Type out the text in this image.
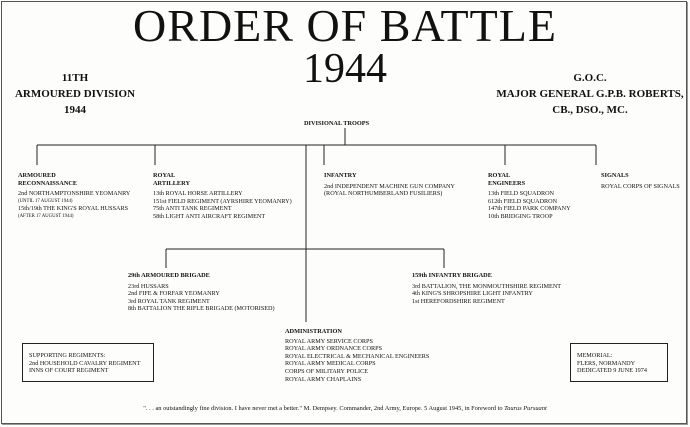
ORDER OF BATTLE
1944
11TH
ARMOURED DIVISION
1944
G.O.C.
MAJOR GENERAL G.P.B. ROBERTS,
CB., DSO., MC.
DIVISIONAL TROOPS
ARMOURED
RECONNAISSANCE
2nd NORTHAMPTONSHIRE YEOMANRY
(UNTIL 17 AUGUST 1944)
15th/19th THE KING'S ROYAL HUSSARS
(AFTER 17 AUGUST 1944)
ROYAL
ARTILLERY
13th ROYAL HORSE ARTILLERY
151st FIELD REGIMENT (AYRSHIRE YEOMANRY)
75th ANTI TANK REGIMENT
58th LIGHT ANTI AIRCRAFT REGIMENT
INFANTRY
2nd INDEPENDENT MACHINE GUN COMPANY
(ROYAL NORTHUMBERLAND FUSILIERS)
ROYAL
ENGINEERS
13th FIELD SQUADRON
612th FIELD SQUADRON
147th FIELD PARK COMPANY
10th BRIDGING TROOP
SIGNALS
ROYAL CORPS OF SIGNALS
29th ARMOURED BRIGADE
23rd HUSSARS
2nd FIFE & FORFAR YEOMANRY
3rd ROYAL TANK REGIMENT
8th BATTALION THE RIFLE BRIGADE (MOTORISED)
159th INFANTRY BRIGADE
3rd BATTALION, THE MONMOUTHSHIRE REGIMENT
4th KING'S SHROPSHIRE LIGHT INFANTRY
1st HEREFORDSHIRE REGIMENT
ADMINISTRATION
ROYAL ARMY SERVICE CORPS
ROYAL ARMY ORDNANCE CORPS
ROYAL ELECTRICAL & MECHANICAL ENGINEERS
ROYAL ARMY MEDICAL CORPS
CORPS OF MILITARY POLICE
ROYAL ARMY CHAPLAINS
SUPPORTING REGIMENTS:
2nd HOUSEHOLD CAVALRY REGIMENT
INNS OF COURT REGIMENT
MEMORIAL:
FLERS, NORMANDY
DEDICATED 9 JUNE 1974
". . . an outstandingly fine division. I have never met a better." M. Dempsey. Commander, 2nd Army, Europe. 5 August 1945, in Foreword to Taurus Pursuant
